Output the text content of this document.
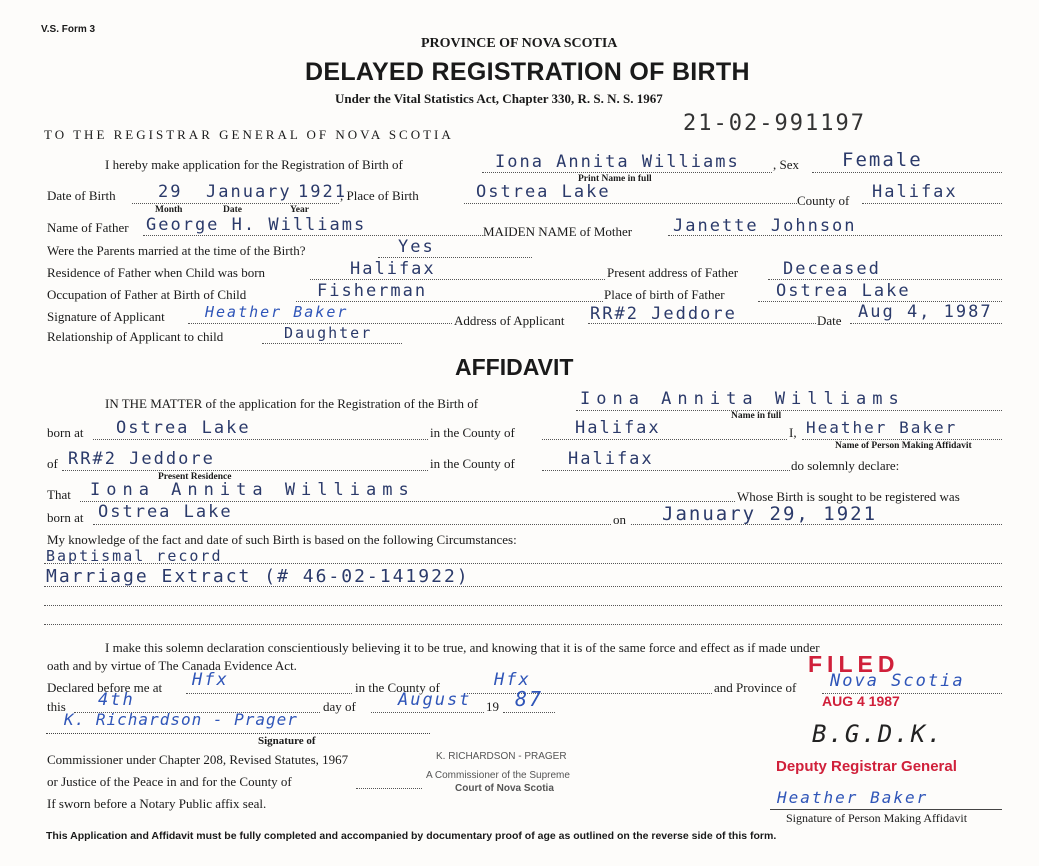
V.S. Form 3
PROVINCE OF NOVA SCOTIA
DELAYED REGISTRATION OF BIRTH
Under the Vital Statistics Act, Chapter 330, R. S. N. S. 1967
21-02-991197
TO THE REGISTRAR GENERAL OF NOVA SCOTIA
I hereby make application for the Registration of Birth of	Iona Annita Williams	, Sex Female
Print Name in full
Date of Birth 29 January 1921
Month	Date	Year
, Place of Birth	Ostrea Lake	County of Halifax
Name of Father George H. Williams	MAIDEN NAME of Mother Janette Johnson
Were the Parents married at the time of the Birth?	Yes
Residence of Father when Child was born	Halifax	Present address of Father	Deceased
Occupation of Father at Birth of Child	Fisherman	Place of birth of Father	Ostrea Lake
Signature of Applicant	Heather Baker	Address of Applicant RR#2 Jeddore	Date Aug 4, 1987
Relationship of Applicant to child	Daughter
AFFIDAVIT
IN THE MATTER of the application for the Registration of the Birth of	Iona Annita Williams
Name in full
born at Ostrea Lake	in the County of	Halifax	I, Heather Baker
Name of Person Making Affidavit
of RR#2 Jeddore
Present Residence
in the County of	Halifax	do solemnly declare:
That Iona Annita Williams	Whose Birth is sought to be registered was
born at Ostrea Lake	on January 29, 1921
My knowledge of the fact and date of such Birth is based on the following Circumstances:
Baptismal record
Marriage Extract (# 46-02-141922)
I make this solemn declaration conscientiously believing it to be true, and knowing that it is of the same force and effect as if made under
oath and by virtue of The Canada Evidence Act.
Declared before me at Hfx	in the County of	Hfx	and Province of Nova Scotia
this 4th	day of August 19 87
K. Richardson - Prager
Signature of
Commissioner under Chapter 208, Revised Statutes, 1967
or Justice of the Peace in and for the County of
If sworn before a Notary Public affix seal.
K. RICHARDSON - PRAGER
A Commissioner of the Supreme
Court of Nova Scotia
FILED
AUG 4 1987
B.G.D.K.
Deputy Registrar General
Heather Baker
Signature of Person Making Affidavit
This Application and Affidavit must be fully completed and accompanied by documentary proof of age as outlined on the reverse side of this form.
